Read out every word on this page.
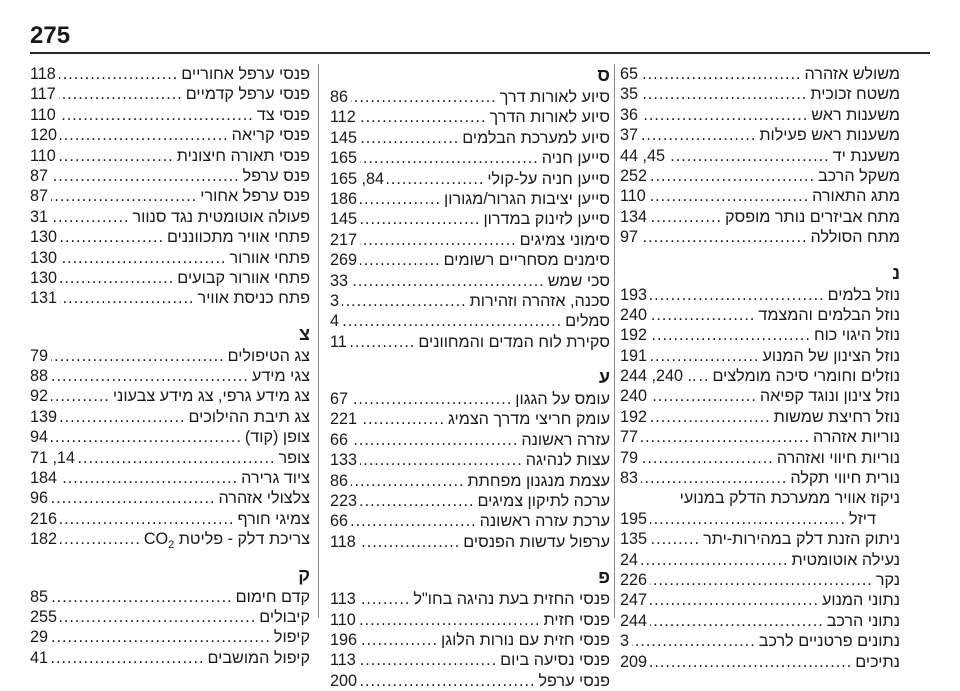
275
משולש אזהרה
.....
65
משטח זכוכית
.....
35
משענות ראש
.....
36
משענות ראש פעילות
.....
37
משענת יד
.....
44 ,45
משקל הרכב
.....
252
מתג התאורה
.....
110
מתח אביזרים נותר מופסק
.....
134
מתח הסוללה
.....
97
נ
נוזל בלמים
.....
193
נוזל הבלמים והמצמד
.....
240
נוזל היגוי כוח
.....
192
נוזל הצינון של המנוע
.....
191
נוזלים וחומרי סיכה מומלצים
.....
244 ,240 ..
נוזל צינון ונוגד קפיאה
.....
240
נוזל רחיצת שמשות
.....
192
נוריות אזהרה
.....
77
נוריות חיווי ואזהרה
.....
79
נורית חיווי תקלה
.....
83
ניקוז אוויר ממערכת הדלק במנועי
דיזל
.....
195
ניתוק הזנת דלק במהירות-יתר
.....
135
נעילה אוטומטית
.....
24
נקר
.....
226
נתוני המנוע
.....
247
נתוני הרכב
.....
244
נתונים פרטניים לרכב
.....
3
נתיכים
.....
209
ס
סיוע לאורות דרך
.....
86
סיוע לאורות הדרך
.....
112
סיוע למערכת הבלמים
.....
145
סייען חניה
.....
165
סייען חניה על-קולי
.....
165 ,84
סייען יציבות הגרור/מגורון
.....
186
סייען לזינוק במדרון
.....
145
סימוני צמיגים
.....
217
סימנים מסחריים רשומים
.....
269
סכי שמש
.....
33
סכנה, אזהרה וזהירות
.....
3
סמלים
.....
4
סקירת לוח המדים והמחוונים
.....
11
ע
עומס על הגגון
.....
67
עומק חריצי מדרך הצמיג
.....
221
עזרה ראשונה
.....
66
עצות לנהיגה
.....
133
עצמת מנגנון מפחתת
.....
86
ערכה לתיקון צמיגים
.....
223
ערכת עזרה ראשונה
.....
66
ערפול עדשות הפנסים
.....
118
פ
פנסי החזית בעת נהיגה בחו"ל
.....
113
פנסי חזית
.....
110
פנסי חזית עם נורות הלוגן
.....
196
פנסי נסיעה ביום
.....
113
פנסי ערפל
.....
200
פנסי ערפל אחוריים
.....
118
פנסי ערפל קדמיים
.....
117
פנסי צד
.....
110
פנסי קריאה
.....
120
פנסי תאורה חיצונית
.....
110
פנס ערפל
.....
87
פנס ערפל אחורי
.....
87
פעולה אוטומטית נגד סנוור
.....
31
פתחי אוויר מתכווננים
.....
130
פתחי אוורור
.....
130
פתחי אוורור קבועים
.....
130
פתח כניסת אוויר
.....
131
צ
צג הטיפולים
.....
79
צגי מידע
.....
88
צג מידע גרפי, צג מידע צבעוני
.....
92
צג תיבת ההילוכים
.....
139
צופן (קוד)
.....
94
צופר
.....
71 ,14
ציוד גרירה
.....
184
צלצולי אזהרה
.....
96
צמיגי חורף
.....
216
צריכת דלק - פליטת $CO_2$
.....
182
ק
קדם חימום
.....
85
קיבולים
.....
255
קיפול
.....
29
קיפול המושבים
.....
41
